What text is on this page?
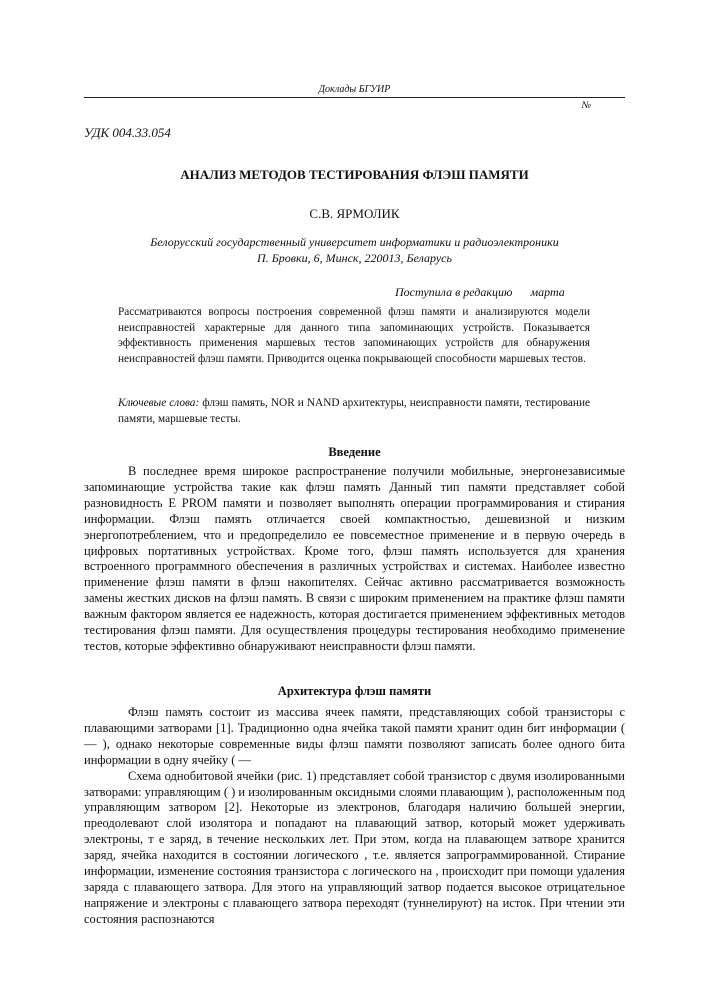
Доклады БГУИР
№
УДК 004.33.054
АНАЛИЗ МЕТОДОВ ТЕСТИРОВАНИЯ ФЛЭШ ПАМЯТИ
С.В. ЯРМОЛИК
Белорусский государственный университет информатики и радиоэлектроники
П. Бровки, 6, Минск, 220013, Беларусь
Поступила в редакцию      марта
Рассматриваются вопросы построения современной флэш памяти и анализируются модели неисправностей характерные для данного типа запоминающих устройств. Показывается эффективность применения маршевых тестов запоминающих устройств для обнаружения неисправностей флэш памяти. Приводится оценка покрывающей способности маршевых тестов.
Ключевые слова: флэш память, NOR и NAND архитектуры, неисправности памяти, тестирование памяти, маршевые тесты.
Введение

В последнее время широкое распространение получили мобильные, энергонезависимые запоминающие устройства такие как флэш память Данный тип памяти представляет собой разновидность E PROM памяти и позволяет выполнять операции программирования и стирания информации. Флэш память отличается своей компактностью, дешевизной и низким энергопотреблением, что и предопределило ее повсеместное применение и в первую очередь в цифровых портативных устройствах. Кроме того, флэш память используется для хранения встроенного программного обеспечения в различных устройствах и системах. Наиболее известно применение флэш памяти в флэш накопителях. Сейчас активно рассматривается возможность замены жестких дисков на флэш память. В связи с широким применением на практике флэш памяти важным фактором является ее надежность, которая достигается применением эффективных методов тестирования флэш памяти. Для осуществления процедуры тестирования необходимо применение тестов, которые эффективно обнаруживают неисправности флэш памяти.

Архитектура флэш памяти

Флэш память состоит из массива ячеек памяти, представляющих собой транзисторы с плавающими затворами [1]. Традиционно одна ячейка такой памяти хранит один бит информации ( — ), однако некоторые современные виды флэш памяти позволяют записать более одного бита информации в одну ячейку ( —

Схема однобитовой ячейки (рис. 1) представляет собой транзистор с двумя изолированными затворами: управляющим ( ) и изолированным оксидными слоями плавающим ), расположенным под управляющим затвором [2]. Некоторые из электронов, благодаря наличию большей энергии, преодолевают слой изолятора и попадают на плавающий затвор, который может удерживать электроны, т е заряд, в течение нескольких лет. При этом, когда на плавающем затворе хранится заряд, ячейка находится в состоянии логического , т.е. является запрограммированной. Стирание информации, изменение состояния транзистора с логического на , происходит при помощи удаления заряда с плавающего затвора. Для этого на управляющий затвор подается высокое отрицательное напряжение и электроны с плавающего затвора переходят (туннелируют) на исток. При чтении эти состояния распознаются
